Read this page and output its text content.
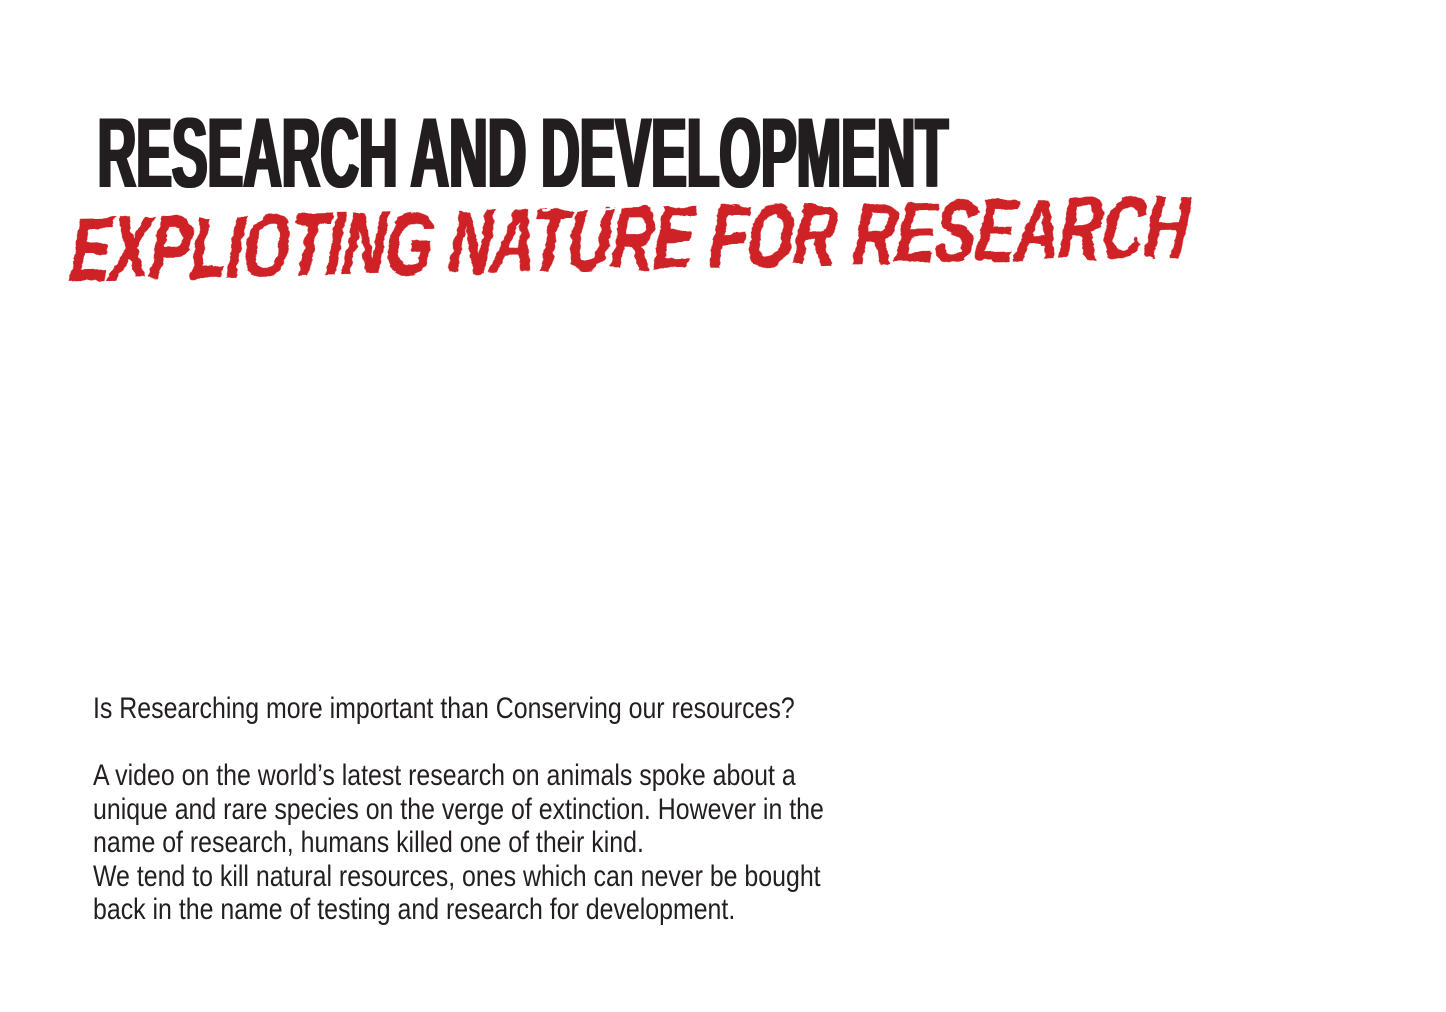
RESEARCH AND DEVELOPMENT
EXPLIOTING NATURE FOR RESEARCH
Is Researching more important than Conserving our resources?
A video on the world’s latest research on animals spoke about a
unique and rare species on the verge of extinction. However in the
name of research, humans killed one of their kind.
We tend to kill natural resources, ones which can never be bought
back in the name of testing and research for development.
